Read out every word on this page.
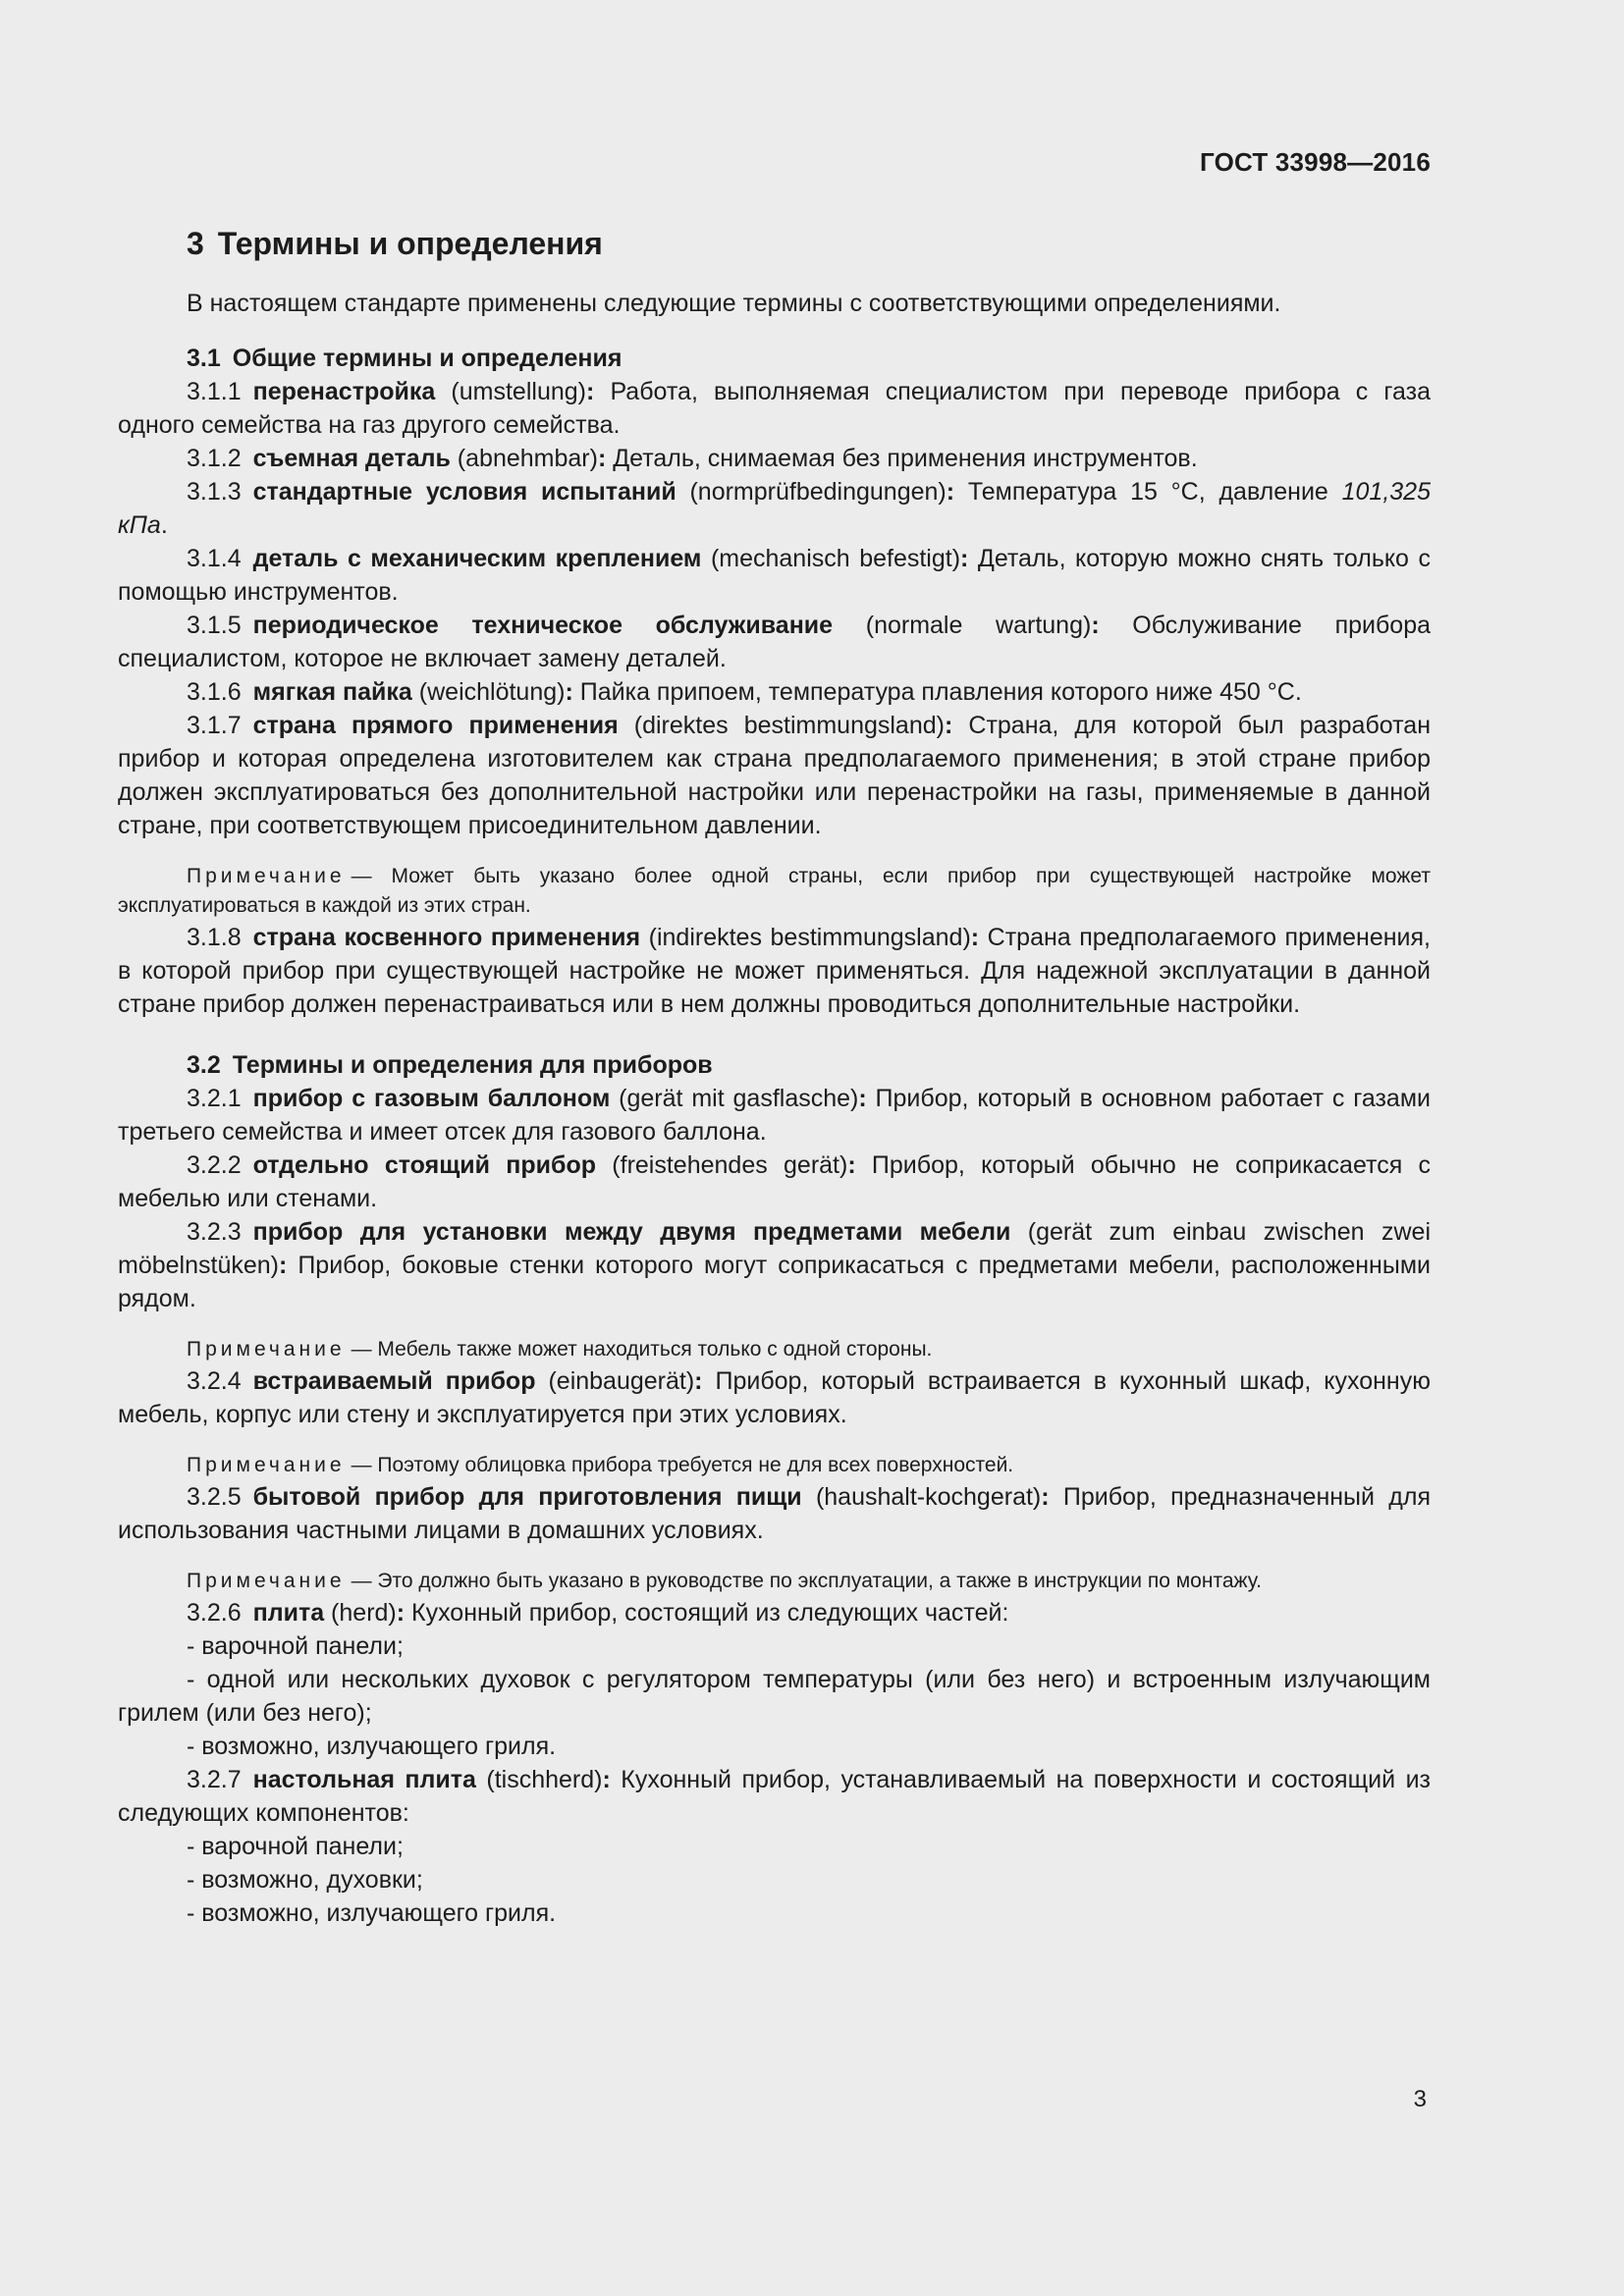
ГОСТ 33998—2016

3 Термины и определения

В настоящем стандарте применены следующие термины с соответствующими определениями.

3.1 Общие термины и определения

3.1.1 перенастройка (umstellung): Работа, выполняемая специалистом при переводе прибора с газа одного семейства на газ другого семейства.

3.1.2 съемная деталь (abnehmbar): Деталь, снимаемая без применения инструментов.

3.1.3 стандартные условия испытаний (normprüfbedingungen): Температура 15 °С, давление 101,325 кПа.

3.1.4 деталь с механическим креплением (mechanisch befestigt): Деталь, которую можно снять только с помощью инструментов.

3.1.5 периодическое техническое обслуживание (normale wartung): Обслуживание прибора специалистом, которое не включает замену деталей.

3.1.6 мягкая пайка (weichlötung): Пайка припоем, температура плавления которого ниже 450 °С.

3.1.7 страна прямого применения (direktes bestimmungsland): Страна, для которой был разработан прибор и которая определена изготовителем как страна предполагаемого применения; в этой стране прибор должен эксплуатироваться без дополнительной настройки или перенастройки на газы, применяемые в данной стране, при соответствующем присоединительном давлении.

Примечание — Может быть указано более одной страны, если прибор при существующей настройке может эксплуатироваться в каждой из этих стран.

3.1.8 страна косвенного применения (indirektes bestimmungsland): Страна предполагаемого применения, в которой прибор при существующей настройке не может применяться. Для надежной эксплуатации в данной стране прибор должен перенастраиваться или в нем должны проводиться дополнительные настройки.

3.2 Термины и определения для приборов

3.2.1 прибор с газовым баллоном (gerät mit gasflasche): Прибор, который в основном работает с газами третьего семейства и имеет отсек для газового баллона.

3.2.2 отдельно стоящий прибор (freistehendes gerät): Прибор, который обычно не соприкасается с мебелью или стенами.

3.2.3 прибор для установки между двумя предметами мебели (gerät zum einbau zwischen zwei möbelnstüken): Прибор, боковые стенки которого могут соприкасаться с предметами мебели, расположенными рядом.

Примечание — Мебель также может находиться только с одной стороны.

3.2.4 встраиваемый прибор (einbaugerät): Прибор, который встраивается в кухонный шкаф, кухонную мебель, корпус или стену и эксплуатируется при этих условиях.

Примечание — Поэтому облицовка прибора требуется не для всех поверхностей.

3.2.5 бытовой прибор для приготовления пищи (haushalt-kochgerat): Прибор, предназначенный для использования частными лицами в домашних условиях.

Примечание — Это должно быть указано в руководстве по эксплуатации, а также в инструкции по монтажу.

3.2.6 плита (herd): Кухонный прибор, состоящий из следующих частей:

- варочной панели;

- одной или нескольких духовок с регулятором температуры (или без него) и встроенным излучающим грилем (или без него);

- возможно, излучающего гриля.

3.2.7 настольная плита (tischherd): Кухонный прибор, устанавливаемый на поверхности и состоящий из следующих компонентов:

- варочной панели;

- возможно, духовки;

- возможно, излучающего гриля.

3
